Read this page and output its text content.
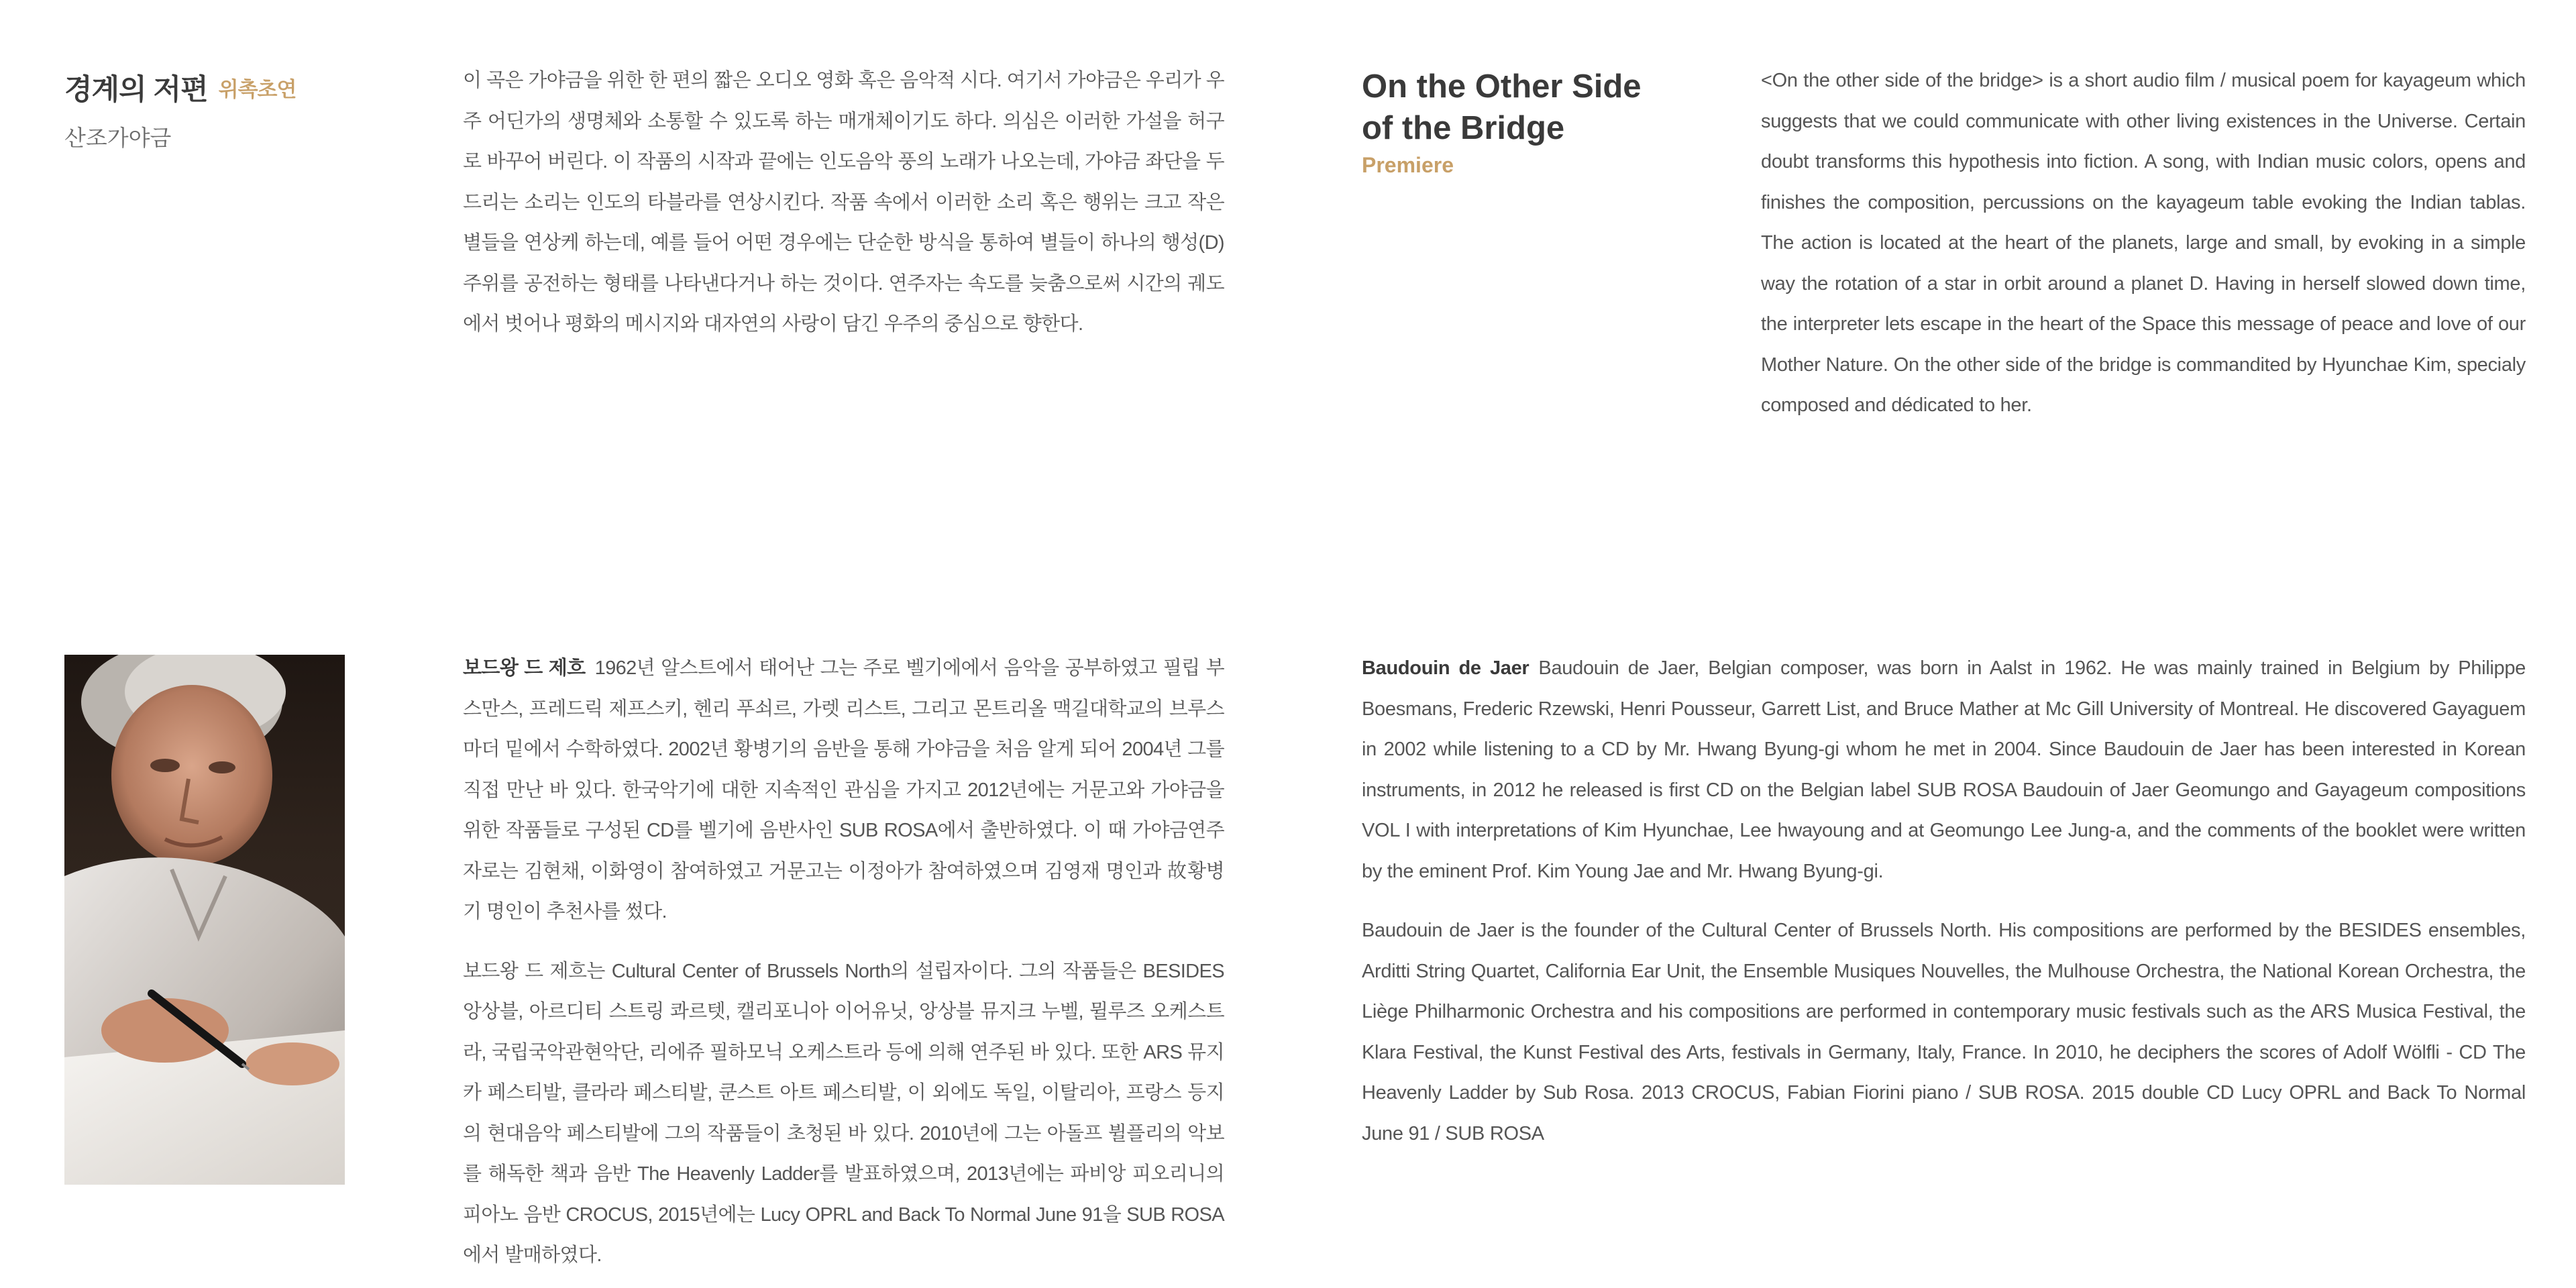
경계의 저편 위촉초연
산조가야금

이 곡은 가야금을 위한 한 편의 짧은 오디오 영화 혹은 음악적 시다. 여기서 가야금은 우리가 우주 어딘가의 생명체와 소통할 수 있도록 하는 매개체이기도 하다. 의심은 이러한 가설을 허구로 바꾸어 버린다. 이 작품의 시작과 끝에는 인도음악 풍의 노래가 나오는데, 가야금 좌단을 두드리는 소리는 인도의 타블라를 연상시킨다. 작품 속에서 이러한 소리 혹은 행위는 크고 작은 별들을 연상케 하는데, 예를 들어 어떤 경우에는 단순한 방식을 통하여 별들이 하나의 행성(D) 주위를 공전하는 형태를 나타낸다거나 하는 것이다. 연주자는 속도를 늦춤으로써 시간의 궤도에서 벗어나 평화의 메시지와 대자연의 사랑이 담긴 우주의 중심으로 향한다.

On the Other Side
of the Bridge
Premiere

<On the other side of the bridge> is a short audio film / musical poem for kayageum which suggests that we could communicate with other living existences in the Universe. Certain doubt transforms this hypothesis into fiction. A song, with Indian music colors, opens and finishes the composition, percussions on the kayageum table evoking the Indian tablas. The action is located at the heart of the planets, large and small, by evoking in a simple way the rotation of a star in orbit around a planet D. Having in herself slowed down time, the interpreter lets escape in the heart of the Space this message of peace and love of our Mother Nature. On the other side of the bridge is commandited by Hyunchae Kim, specialy composed and dédicated to her.

보드왕 드 제흐 1962년 알스트에서 태어난 그는 주로 벨기에에서 음악을 공부하였고 필립 부스만스, 프레드릭 제프스키, 헨리 푸쇠르, 가렛 리스트, 그리고 몬트리올 맥길대학교의 브루스 마더 밑에서 수학하였다. 2002년 황병기의 음반을 통해 가야금을 처음 알게 되어 2004년 그를 직접 만난 바 있다. 한국악기에 대한 지속적인 관심을 가지고 2012년에는 거문고와 가야금을 위한 작품들로 구성된 CD를 벨기에 음반사인 SUB ROSA에서 출반하였다. 이 때 가야금연주자로는 김현채, 이화영이 참여하였고 거문고는 이정아가 참여하였으며 김영재 명인과 故황병기 명인이 추천사를 썼다.

보드왕 드 제흐는 Cultural Center of Brussels North의 설립자이다. 그의 작품들은 BESIDES 앙상블, 아르디티 스트링 콰르텟, 캘리포니아 이어유닛, 앙상블 뮤지크 누벨, 뮐루즈 오케스트라, 국립국악관현악단, 리에쥬 필하모닉 오케스트라 등에 의해 연주된 바 있다. 또한 ARS 뮤지카 페스티발, 클라라 페스티발, 쿤스트 아트 페스티발, 이 외에도 독일, 이탈리아, 프랑스 등지의 현대음악 페스티발에 그의 작품들이 초청된 바 있다. 2010년에 그는 아돌프 뷜플리의 악보를 해독한 책과 음반 The Heavenly Ladder를 발표하였으며, 2013년에는 파비앙 피오리니의 피아노 음반 CROCUS, 2015년에는 Lucy OPRL and Back To Normal June 91을 SUB ROSA에서 발매하였다.

Baudouin de Jaer Baudouin de Jaer, Belgian composer, was born in Aalst in 1962. He was mainly trained in Belgium by Philippe Boesmans, Frederic Rzewski, Henri Pousseur, Garrett List, and Bruce Mather at Mc Gill University of Montreal. He discovered Gayaguem in 2002 while listening to a CD by Mr. Hwang Byung-gi whom he met in 2004. Since Baudouin de Jaer has been interested in Korean instruments, in 2012 he released is first CD on the Belgian label SUB ROSA Baudouin of Jaer Geomungo and Gayageum compositions VOL I with interpretations of Kim Hyunchae, Lee hwayoung and at Geomungo Lee Jung-a, and the comments of the booklet were written by the eminent Prof. Kim Young Jae and Mr. Hwang Byung-gi.

Baudouin de Jaer is the founder of the Cultural Center of Brussels North. His compositions are performed by the BESIDES ensembles, Arditti String Quartet, California Ear Unit, the Ensemble Musiques Nouvelles, the Mulhouse Orchestra, the National Korean Orchestra, the Liège Philharmonic Orchestra and his compositions are performed in contemporary music festivals such as the ARS Musica Festival, the Klara Festival, the Kunst Festival des Arts, festivals in Germany, Italy, France. In 2010, he deciphers the scores of Adolf Wölfli - CD The Heavenly Ladder by Sub Rosa. 2013 CROCUS, Fabian Fiorini piano / SUB ROSA. 2015 double CD Lucy OPRL and Back To Normal June 91 / SUB ROSA
